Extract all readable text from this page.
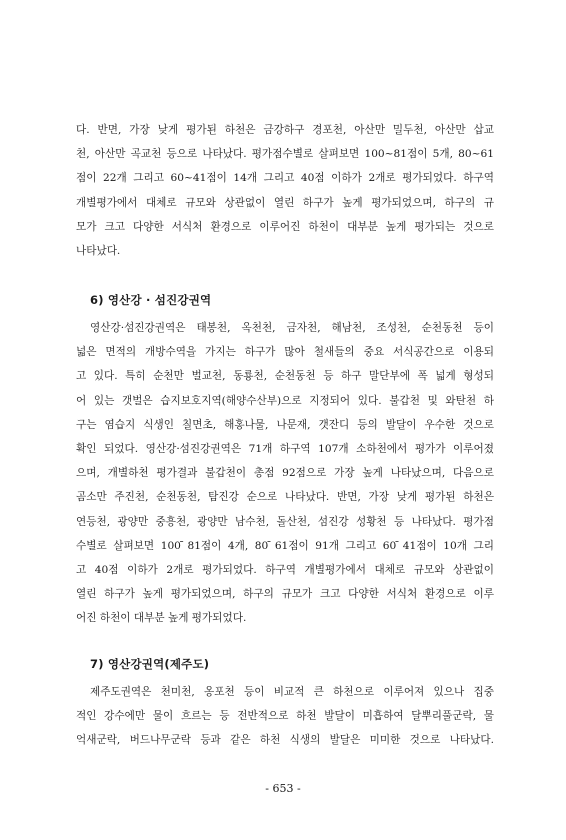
다. 반면, 가장 낮게 평가된 하천은 금강하구 경포천, 아산만 밀두천, 아산만 삽교
천, 아산만 곡교천 등으로 나타났다. 평가점수별로 살펴보면 100~81점이 5개, 80~61
점이 22개 그리고 60~41점이 14개 그리고 40점 이하가 2개로 평가되었다. 하구역
개별평가에서 대체로 규모와 상관없이 열린 하구가 높게 평가되었으며, 하구의 규
모가 크고 다양한 서식처 환경으로 이루어진 하천이 대부분 높게 평가되는 것으로
나타났다.
6) 영산강 · 섬진강권역
영산강·섬진강권역은 태봉천, 옥천천, 금자천, 해남천, 조성천, 순천동천 등이
넓은 면적의 개방수역을 가지는 하구가 많아 철새들의 중요 서식공간으로 이용되
고 있다. 특히 순천만 벌교천, 동룡천, 순천동천 등 하구 말단부에 폭 넓게 형성되
어 있는 갯벌은 습지보호지역(해양수산부)으로 지정되어 있다. 불갑천 및 와탄천 하
구는 염습지 식생인 칠면초, 해홍나물, 나문재, 갯잔디 등의 발달이 우수한 것으로
확인 되었다. 영산강·섬진강권역은 71개 하구역 107개 소하천에서 평가가 이루어졌
으며, 개별하천 평가결과 불갑천이 총점 92점으로 가장 높게 나타났으며, 다음으로
곰소만 주진천, 순천동천, 탐진강 순으로 나타났다. 반면, 가장 낮게 평가된 하천은
연등천, 광양만 중흥천, 광양만 남수천, 돌산천, 섬진강 성황천 등 나타났다. 평가점
수별로 살펴보면 100 ̄81점이 4개, 80 ̄61점이 91개 그리고 60 ̄41점이 10개 그리
고 40점 이하가 2개로 평가되었다. 하구역 개별평가에서 대체로 규모와 상관없이
열린 하구가 높게 평가되었으며, 하구의 규모가 크고 다양한 서식처 환경으로 이루
어진 하천이 대부분 높게 평가되었다.
7) 영산강권역(제주도)
제주도권역은 천미천, 옹포천 등이 비교적 큰 하천으로 이루어져 있으나 집중
적인 강수에만 물이 흐르는 등 전반적으로 하천 발달이 미흡하여 달뿌리풀군락, 물
억새군락, 버드나무군락 등과 같은 하천 식생의 발달은 미미한 것으로 나타났다.
- 653 -
